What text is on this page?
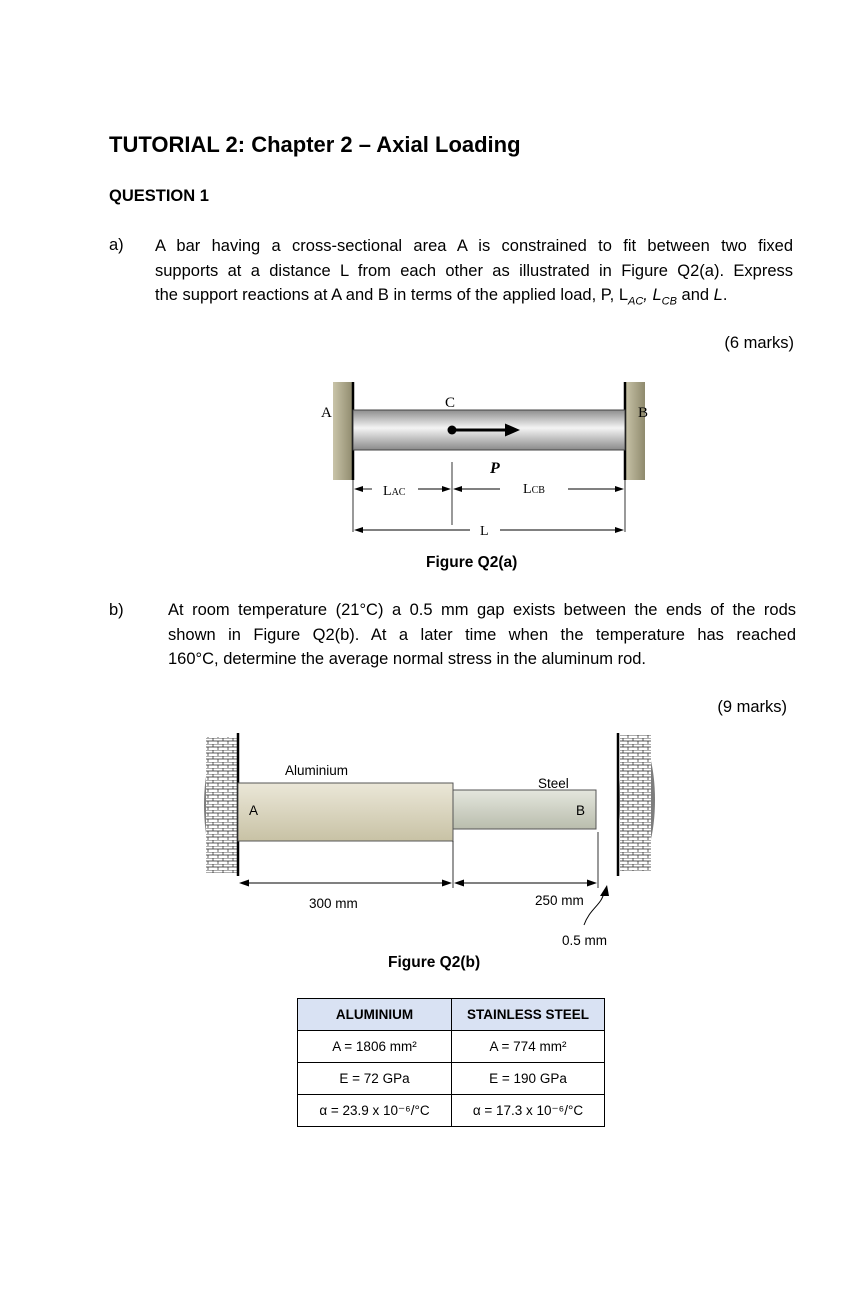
TUTORIAL 2: Chapter 2 – Axial Loading
QUESTION 1
a) A bar having a cross-sectional area A is constrained to fit between two fixed
supports at a distance L from each other as illustrated in Figure Q2(a). Express
the support reactions at A and B in terms of the applied load, P, $L_{AC}$, $L_{CB}$ and L.
(6 marks)
A	B
C
P
LAC	LCB
L
Figure Q2(a)
b)	At room temperature (21°C) a 0.5 mm gap exists between the ends of the rods
shown in Figure Q2(b). At a later time when the temperature has reached
160°C, determine the average normal stress in the aluminum rod.
(9 marks)
Aluminium
Steel
A	B
300 mm	250 mm
0.5 mm
Figure Q2(b)
ALUMINIUM	STAINLESS STEEL
A = 1806 mm²	A = 774 mm²
E = 72 GPa	E = 190 GPa
α = 23.9 x 10⁻⁶/°C	α = 17.3 x 10⁻⁶/°C
